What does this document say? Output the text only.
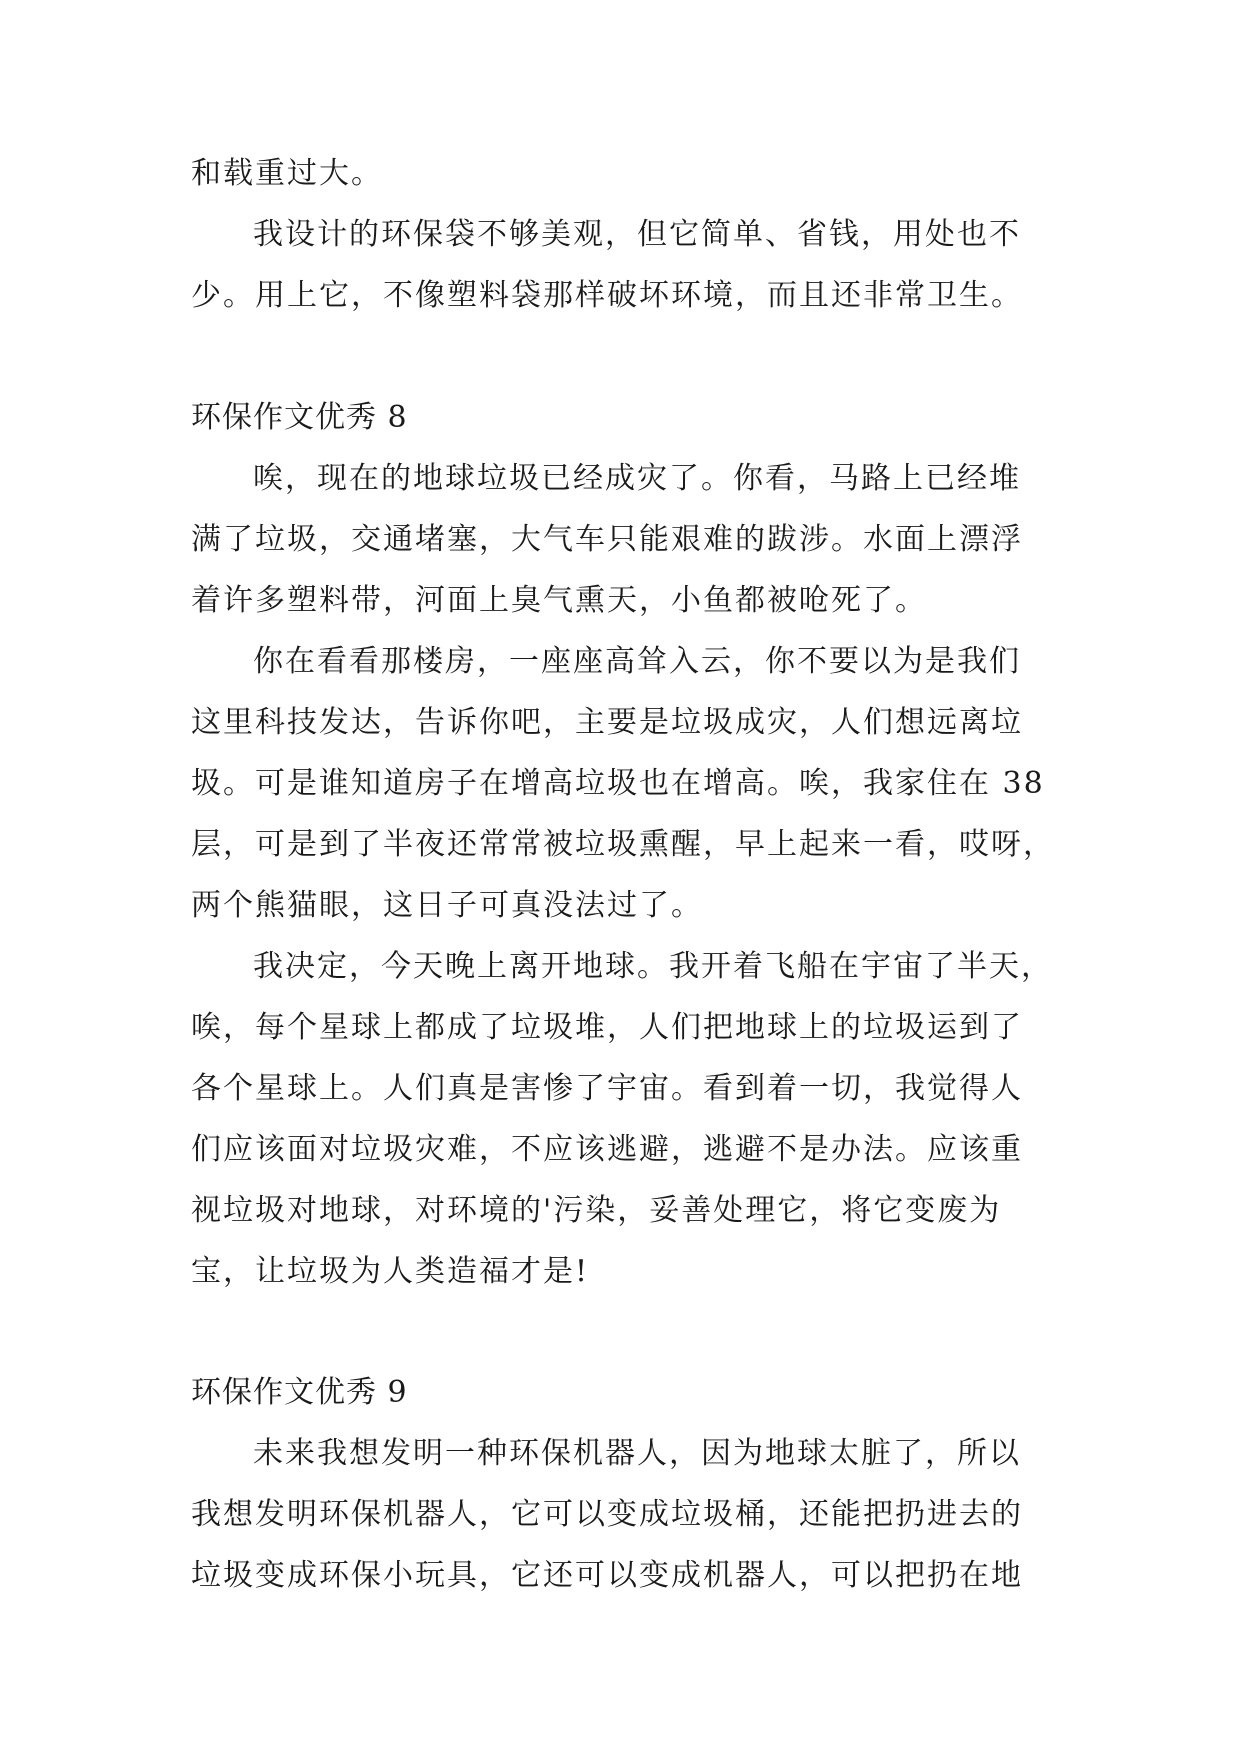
和载重过大。
我设计的环保袋不够美观，但它简单、省钱，用处也不
少。用上它，不像塑料袋那样破坏环境，而且还非常卫生。
环保作文优秀 8
唉，现在的地球垃圾已经成灾了。你看，马路上已经堆
满了垃圾，交通堵塞，大气车只能艰难的跋涉。水面上漂浮
着许多塑料带，河面上臭气熏天，小鱼都被呛死了。
你在看看那楼房，一座座高耸入云，你不要以为是我们
这里科技发达，告诉你吧，主要是垃圾成灾，人们想远离垃
圾。可是谁知道房子在增高垃圾也在增高。唉，我家住在 38
层，可是到了半夜还常常被垃圾熏醒，早上起来一看，哎呀，
两个熊猫眼，这日子可真没法过了。
我决定，今天晚上离开地球。我开着飞船在宇宙了半天，
唉，每个星球上都成了垃圾堆，人们把地球上的垃圾运到了
各个星球上。人们真是害惨了宇宙。看到着一切，我觉得人
们应该面对垃圾灾难，不应该逃避，逃避不是办法。应该重
视垃圾对地球，对环境的'污染，妥善处理它，将它变废为
宝，让垃圾为人类造福才是!
环保作文优秀 9
未来我想发明一种环保机器人，因为地球太脏了，所以
我想发明环保机器人，它可以变成垃圾桶，还能把扔进去的
垃圾变成环保小玩具，它还可以变成机器人，可以把扔在地
